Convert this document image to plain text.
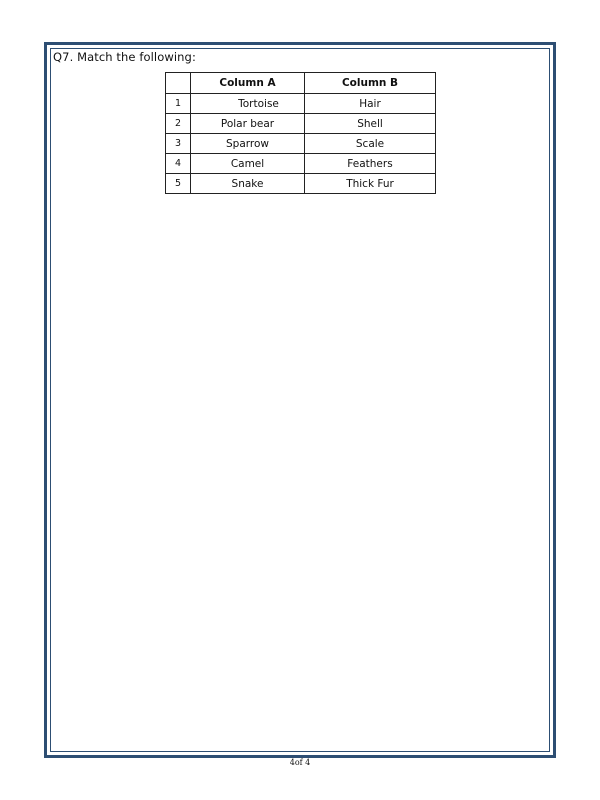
Q7. Match the following:
	Column A	Column B
1	Tortoise	Hair
2	Polar bear	Shell
3	Sparrow	Scale
4	Camel	Feathers
5	Snake	Thick Fur
4of 4
